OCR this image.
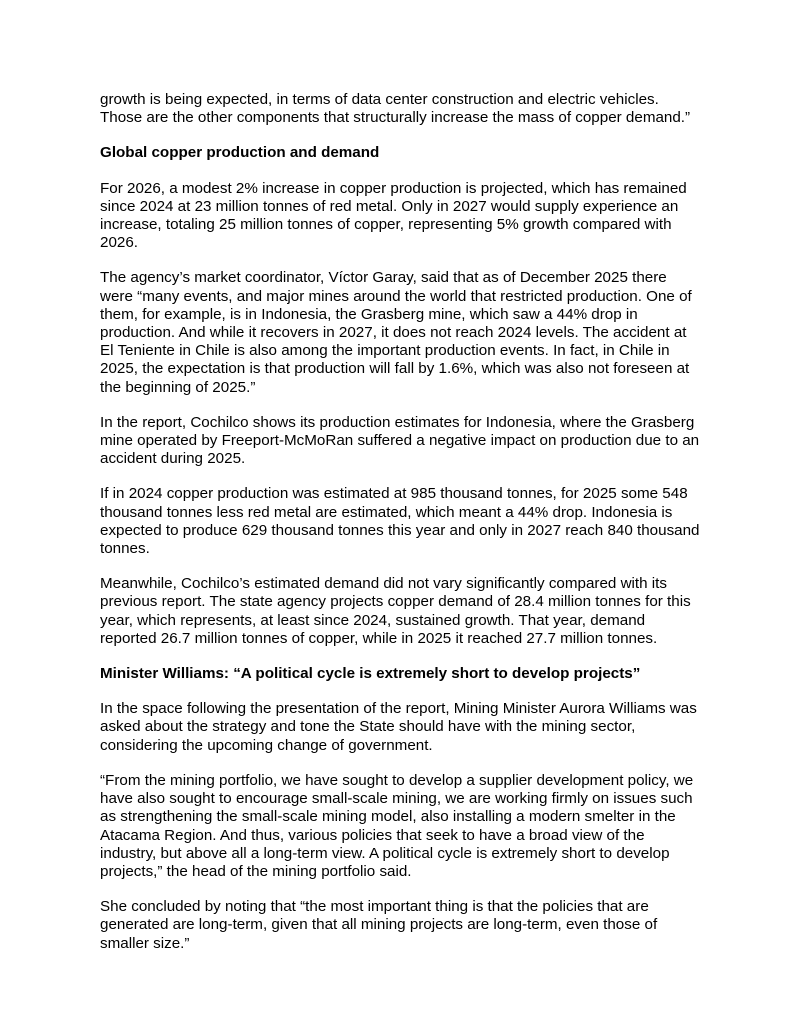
growth is being expected, in terms of data center construction and electric vehicles. Those are the other components that structurally increase the mass of copper demand.”

Global copper production and demand

For 2026, a modest 2% increase in copper production is projected, which has remained since 2024 at 23 million tonnes of red metal. Only in 2027 would supply experience an increase, totaling 25 million tonnes of copper, representing 5% growth compared with 2026.

The agency’s market coordinator, Víctor Garay, said that as of December 2025 there were “many events, and major mines around the world that restricted production. One of them, for example, is in Indonesia, the Grasberg mine, which saw a 44% drop in production. And while it recovers in 2027, it does not reach 2024 levels. The accident at El Teniente in Chile is also among the important production events. In fact, in Chile in 2025, the expectation is that production will fall by 1.6%, which was also not foreseen at the beginning of 2025.”

In the report, Cochilco shows its production estimates for Indonesia, where the Grasberg mine operated by Freeport-McMoRan suffered a negative impact on production due to an accident during 2025.

If in 2024 copper production was estimated at 985 thousand tonnes, for 2025 some 548 thousand tonnes less red metal are estimated, which meant a 44% drop. Indonesia is expected to produce 629 thousand tonnes this year and only in 2027 reach 840 thousand tonnes.

Meanwhile, Cochilco’s estimated demand did not vary significantly compared with its previous report. The state agency projects copper demand of 28.4 million tonnes for this year, which represents, at least since 2024, sustained growth. That year, demand reported 26.7 million tonnes of copper, while in 2025 it reached 27.7 million tonnes.

Minister Williams: “A political cycle is extremely short to develop projects”

In the space following the presentation of the report, Mining Minister Aurora Williams was asked about the strategy and tone the State should have with the mining sector, considering the upcoming change of government.

“From the mining portfolio, we have sought to develop a supplier development policy, we have also sought to encourage small-scale mining, we are working firmly on issues such as strengthening the small-scale mining model, also installing a modern smelter in the Atacama Region. And thus, various policies that seek to have a broad view of the industry, but above all a long-term view. A political cycle is extremely short to develop projects,” the head of the mining portfolio said.

She concluded by noting that “the most important thing is that the policies that are generated are long-term, given that all mining projects are long-term, even those of smaller size.”
